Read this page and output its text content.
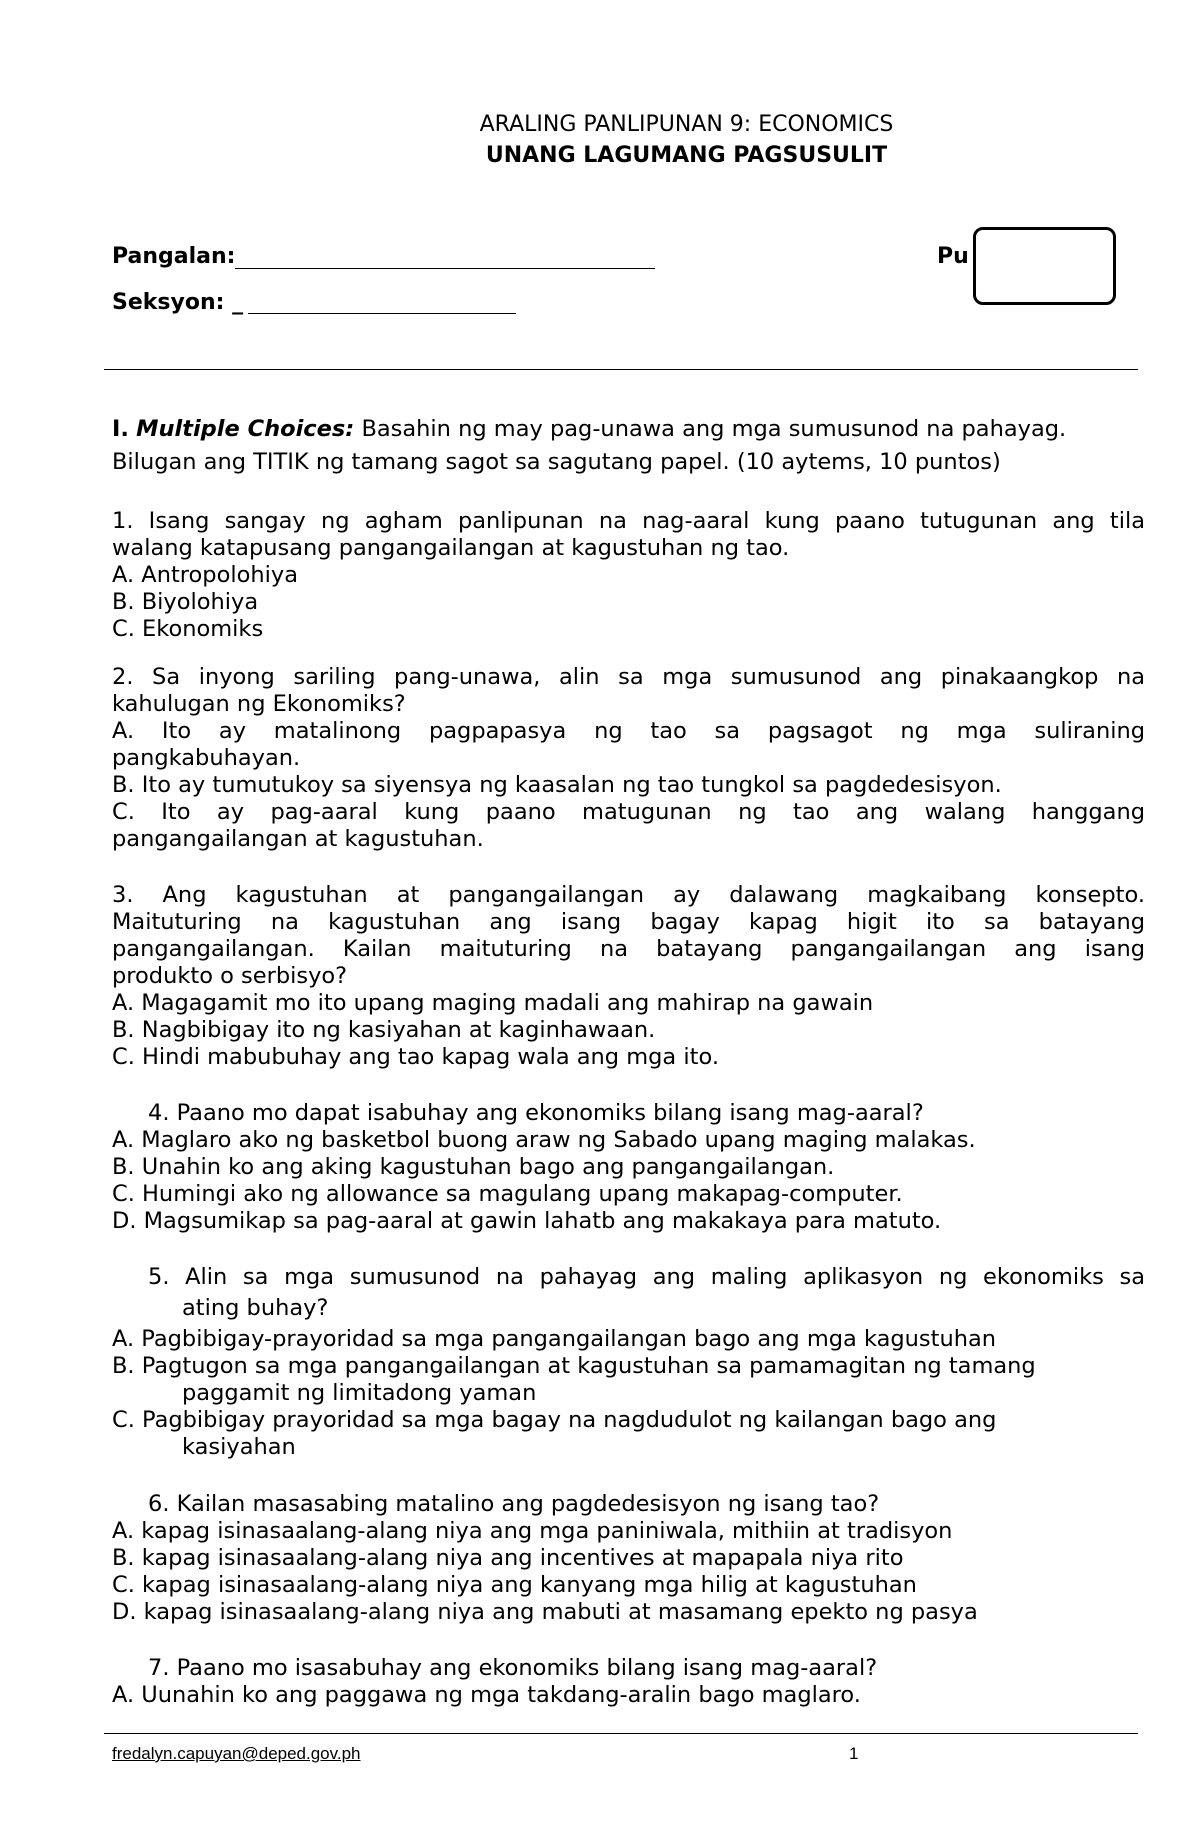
ARALING PANLIPUNAN 9: ECONOMICS
UNANG LAGUMANG PAGSUSULIT
Pangalan:
Seksyon: _
Pu
I. Multiple Choices: Basahin ng may pag-unawa ang mga sumusunod na pahayag.
Bilugan ang TITIK ng tamang sagot sa sagutang papel. (10 aytems, 10 puntos)
1. Isang sangay ng agham panlipunan na nag-aaral kung paano tutugunan ang tila
walang katapusang pangangailangan at kagustuhan ng tao.
A. Antropolohiya
B. Biyolohiya
C. Ekonomiks
2. Sa inyong sariling pang-unawa, alin sa mga sumusunod ang pinakaangkop na
kahulugan ng Ekonomiks?
A. Ito ay matalinong pagpapasya ng tao sa pagsagot ng mga suliraning
pangkabuhayan.
B. Ito ay tumutukoy sa siyensya ng kaasalan ng tao tungkol sa pagdedesisyon.
C. Ito ay pag-aaral kung paano matugunan ng tao ang walang hanggang
pangangailangan at kagustuhan.
3. Ang kagustuhan at pangangailangan ay dalawang magkaibang konsepto.
Maituturing na kagustuhan ang isang bagay kapag higit ito sa batayang
pangangailangan. Kailan maituturing na batayang pangangailangan ang isang
produkto o serbisyo?
A. Magagamit mo ito upang maging madali ang mahirap na gawain
B. Nagbibigay ito ng kasiyahan at kaginhawaan.
C. Hindi mabubuhay ang tao kapag wala ang mga ito.
4. Paano mo dapat isabuhay ang ekonomiks bilang isang mag-aaral?
A. Maglaro ako ng basketbol buong araw ng Sabado upang maging malakas.
B. Unahin ko ang aking kagustuhan bago ang pangangailangan.
C. Humingi ako ng allowance sa magulang upang makapag-computer.
D. Magsumikap sa pag-aaral at gawin lahatb ang makakaya para matuto.
5. Alin sa mga sumusunod na pahayag ang maling aplikasyon ng ekonomiks sa
ating buhay?
A. Pagbibigay-prayoridad sa mga pangangailangan bago ang mga kagustuhan
B. Pagtugon sa mga pangangailangan at kagustuhan sa pamamagitan ng tamang
paggamit ng limitadong yaman
C. Pagbibigay prayoridad sa mga bagay na nagdudulot ng kailangan bago ang
kasiyahan
6. Kailan masasabing matalino ang pagdedesisyon ng isang tao?
A. kapag isinasaalang-alang niya ang mga paniniwala, mithiin at tradisyon
B. kapag isinasaalang-alang niya ang incentives at mapapala niya rito
C. kapag isinasaalang-alang niya ang kanyang mga hilig at kagustuhan
D. kapag isinasaalang-alang niya ang mabuti at masamang epekto ng pasya
7. Paano mo isasabuhay ang ekonomiks bilang isang mag-aaral?
A. Uunahin ko ang paggawa ng mga takdang-aralin bago maglaro.
fredalyn.capuyan@deped.gov.ph	1
